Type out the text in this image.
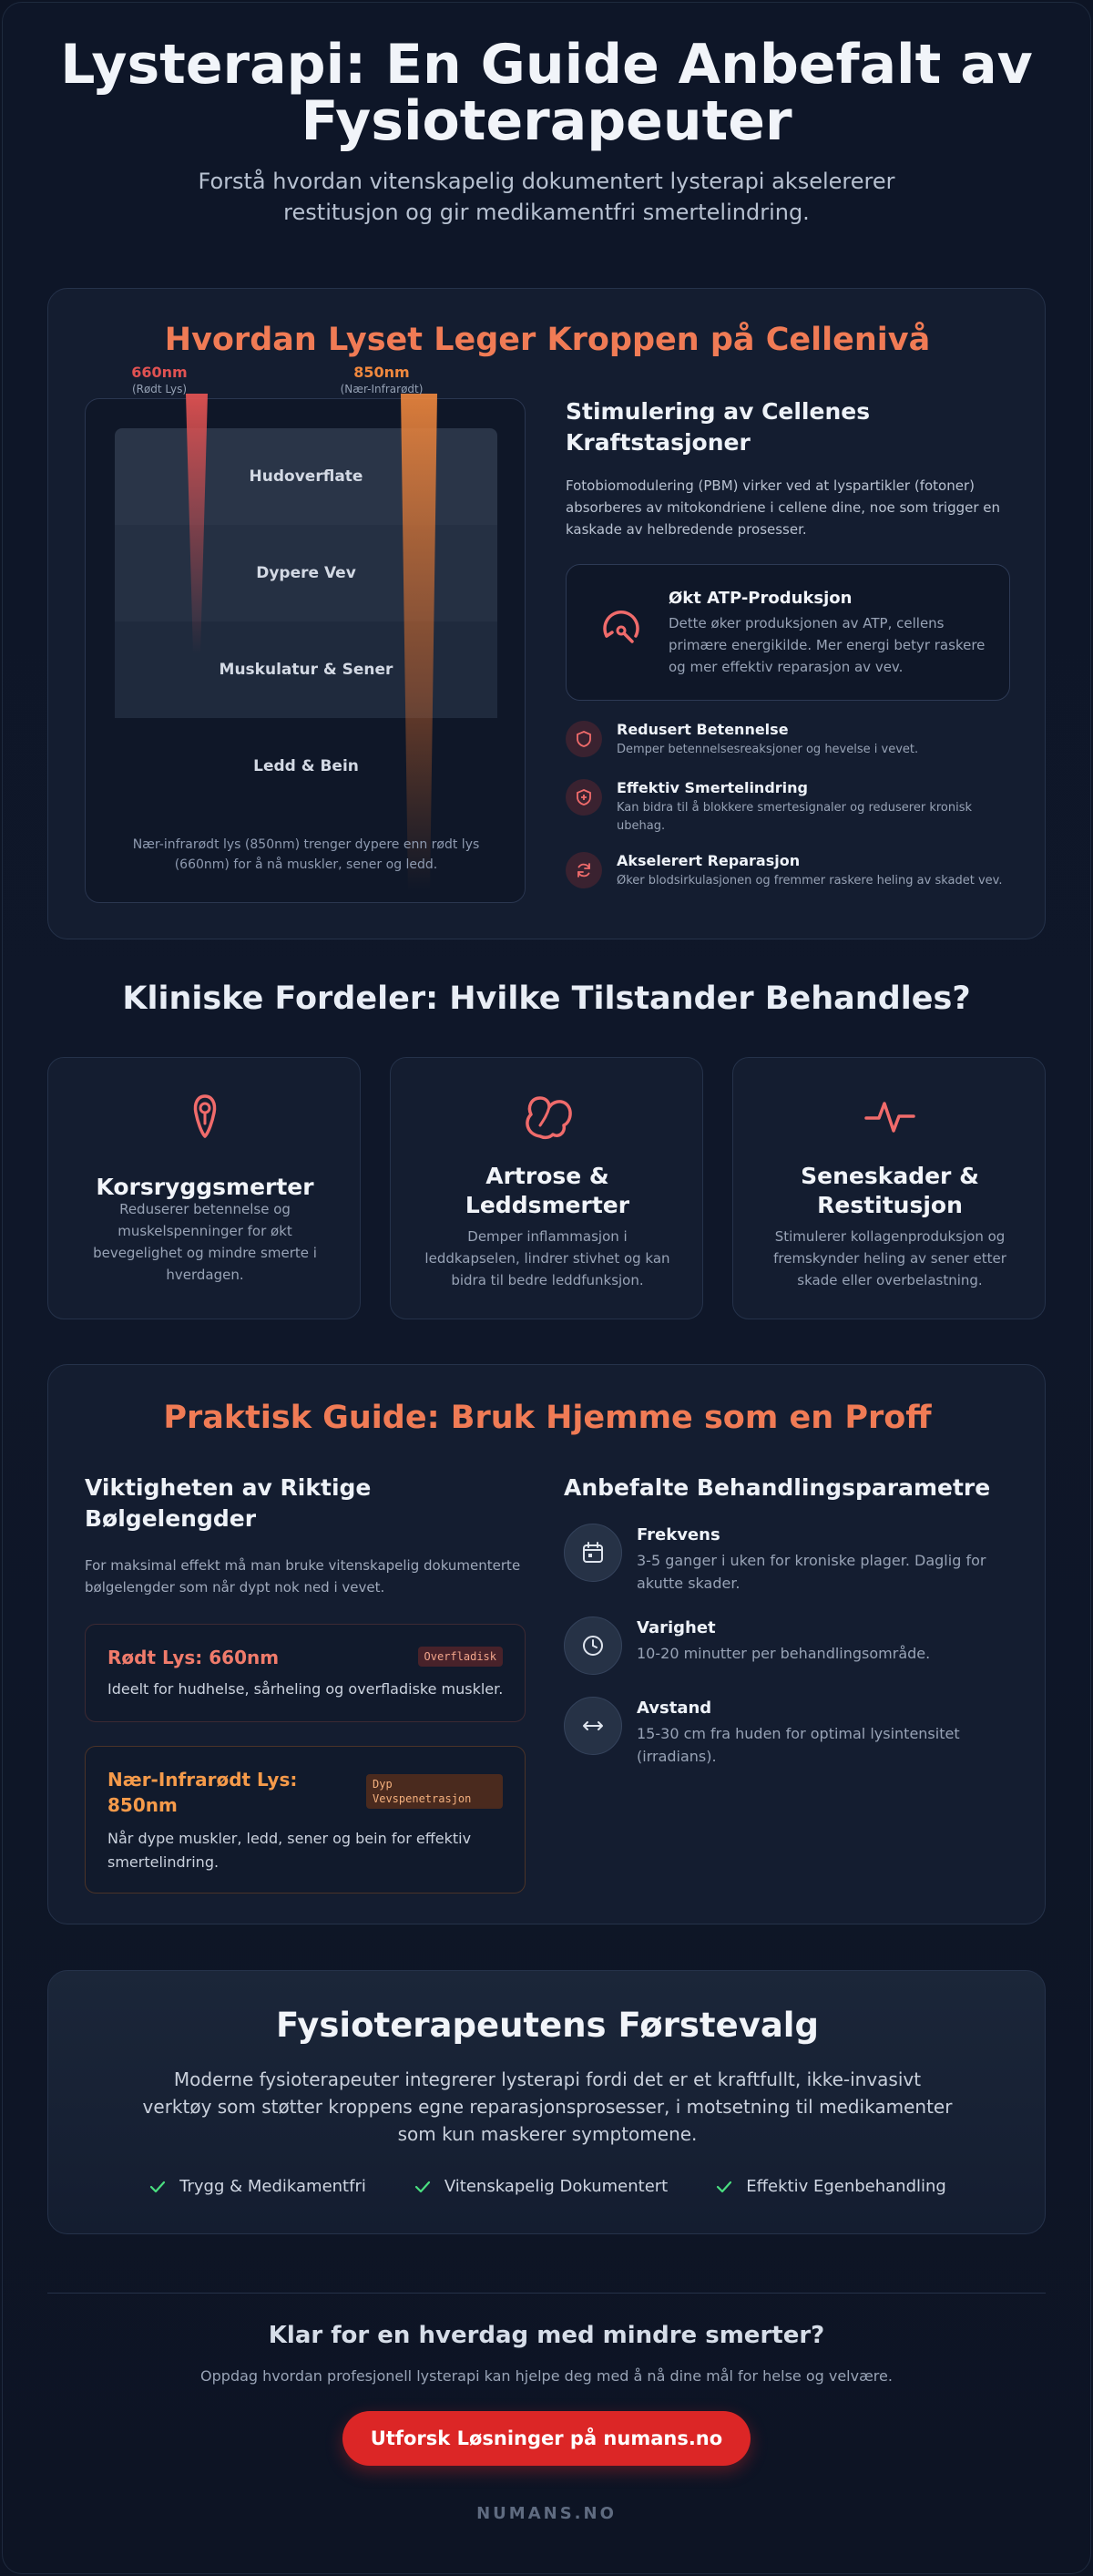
Lysterapi: En Guide Anbefalt av Fysioterapeuter

Forstå hvordan vitenskapelig dokumentert lysterapi akselererer restitusjon og gir medikamentfri smertelindring.

Hvordan Lyset Leger Kroppen på Cellenivå
Hudoverflate
Dypere Vev
Muskulatur & Sener
Ledd & Bein
Nær-infrarødt lys (850nm) trenger dypere enn rødt lys (660nm) for å nå muskler, sener og ledd.
660nm
(Rødt Lys)
850nm
(Nær-Infrarødt)
Stimulering av Cellenes Kraftstasjoner

Fotobiomodulering (PBM) virker ved at lyspartikler (fotoner) absorberes av mitokondriene i cellene dine, noe som trigger en kaskade av helbredende prosesser.

Økt ATP-Produksjon
Dette øker produksjonen av ATP, cellens primære energikilde. Mer energi betyr raskere og mer effektiv reparasjon av vev.
Redusert Betennelse
Demper betennelsesreaksjoner og hevelse i vevet.
Effektiv Smertelindring
Kan bidra til å blokkere smertesignaler og reduserer kronisk ubehag.
Akselerert Reparasjon
Øker blodsirkulasjonen og fremmer raskere heling av skadet vev.
Kliniske Fordeler: Hvilke Tilstander Behandles?
Korsryggsmerter

Reduserer betennelse og muskelspenninger for økt bevegelighet og mindre smerte i hverdagen.

Artrose & Leddsmerter

Demper inflammasjon i leddkapselen, lindrer stivhet og kan bidra til bedre leddfunksjon.

Seneskader & Restitusjon

Stimulerer kollagenproduksjon og fremskynder heling av sener etter skade eller overbelastning.

Praktisk Guide: Bruk Hjemme som en Proff
Viktigheten av Riktige Bølgelengder

For maksimal effekt må man bruke vitenskapelig dokumenterte bølgelengder som når dypt nok ned i vevet.

Rødt Lys: 660nm	Overfladisk
Ideelt for hudhelse, sårheling og overfladiske muskler.
Nær-Infrarødt Lys: 850nm
Dyp Vevspenetrasjon
Når dype muskler, ledd, sener og bein for effektiv smertelindring.
Anbefalte Behandlingsparametre
Frekvens
3-5 ganger i uken for kroniske plager. Daglig for akutte skader.
Varighet
10-20 minutter per behandlingsområde.
Avstand
15-30 cm fra huden for optimal lysintensitet (irradians).
Fysioterapeutens Førstevalg

Moderne fysioterapeuter integrerer lysterapi fordi det er et kraftfullt, ikke-invasivt verktøy som støtter kroppens egne reparasjonsprosesser, i motsetning til medikamenter som kun maskerer symptomene.

Trygg & Medikamentfri	Vitenskapelig Dokumentert	Effektiv Egenbehandling
Klar for en hverdag med mindre smerter?
Oppdag hvordan profesjonell lysterapi kan hjelpe deg med å nå dine mål for helse og velvære.
Utforsk Løsninger på numans.no
NUMANS.NO
